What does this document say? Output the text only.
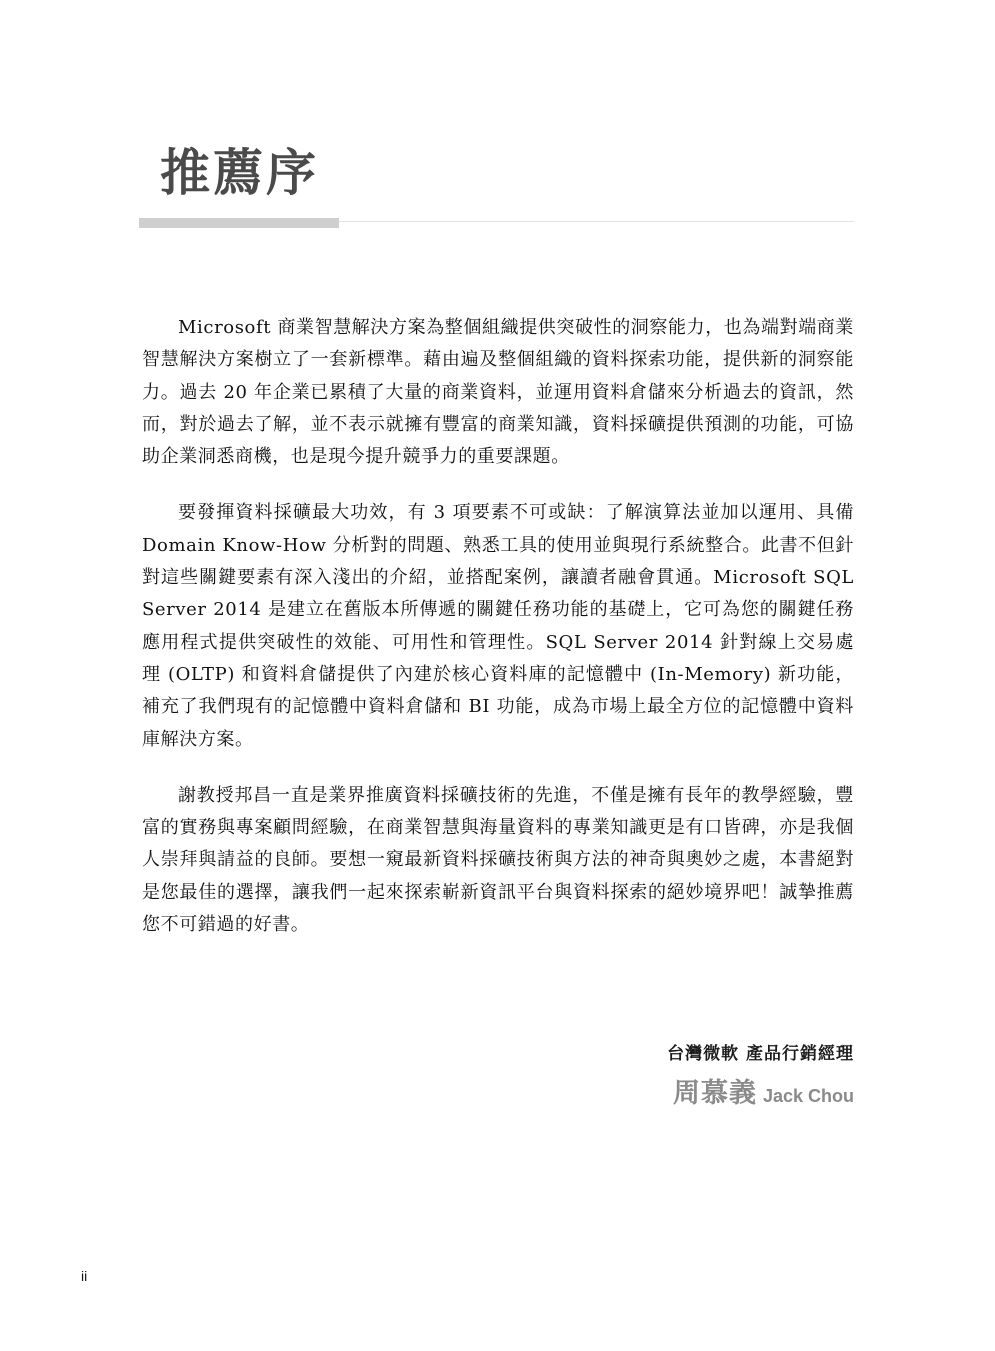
推薦序

Microsoft 商業智慧解決方案為整個組織提供突破性的洞察能力，也為端對端商業智慧解決方案樹立了一套新標準。藉由遍及整個組織的資料探索功能，提供新的洞察能力。過去 20 年企業已累積了大量的商業資料，並運用資料倉儲來分析過去的資訊，然而，對於過去了解，並不表示就擁有豐富的商業知識，資料採礦提供預測的功能，可協助企業洞悉商機，也是現今提升競爭力的重要課題。

要發揮資料採礦最大功效，有 3 項要素不可或缺：了解演算法並加以運用、具備 Domain Know-How 分析對的問題、熟悉工具的使用並與現行系統整合。此書不但針對這些關鍵要素有深入淺出的介紹，並搭配案例，讓讀者融會貫通。Microsoft SQL Server 2014 是建立在舊版本所傳遞的關鍵任務功能的基礎上，它可為您的關鍵任務應用程式提供突破性的效能、可用性和管理性。SQL Server 2014 針對線上交易處理 (OLTP) 和資料倉儲提供了內建於核心資料庫的記憶體中 (In-Memory) 新功能，補充了我們現有的記憶體中資料倉儲和 BI 功能，成為市場上最全方位的記憶體中資料庫解決方案。

謝教授邦昌一直是業界推廣資料採礦技術的先進，不僅是擁有長年的教學經驗，豐富的實務與專案顧問經驗，在商業智慧與海量資料的專業知識更是有口皆碑，亦是我個人崇拜與請益的良師。要想一窺最新資料採礦技術與方法的神奇與奧妙之處，本書絕對是您最佳的選擇，讓我們一起來探索嶄新資訊平台與資料探索的絕妙境界吧！誠摯推薦您不可錯過的好書。

台灣微軟 產品行銷經理
周慕義 Jack Chou
ii
